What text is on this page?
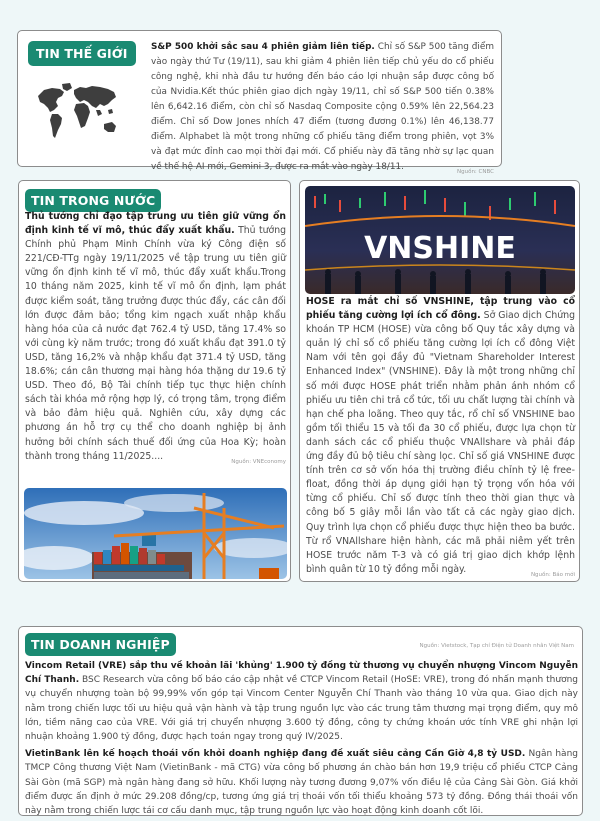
TIN THẾ GIỚI	S&P 500 khởi sắc sau 4 phiên giảm liên tiếp. Chỉ số S&P 500 tăng điểm vào ngày thứ Tư (19/11), sau khi giảm 4 phiên liên tiếp chủ yếu do cổ phiếu công nghệ, khi nhà đầu tư hướng đến báo cáo lợi nhuận sắp được công bố của Nvidia.Kết thúc phiên giao dịch ngày 19/11, chỉ số S&P 500 tiến 0.38% lên 6,642.16 điểm, còn chỉ số Nasdaq Composite cộng 0.59% lên 22,564.23 điểm. Chỉ số Dow Jones nhích 47 điểm (tương đương 0.1%) lên 46,138.77 điểm. Alphabet là một trong những cổ phiếu tăng điểm trong phiên, vọt 3% và đạt mức đỉnh cao mọi thời đại mới. Cổ phiếu này đã tăng nhờ sự lạc quan về thế hệ AI mới, Gemini 3, được ra mắt vào ngày 18/11.	Nguồn: CNBC

TIN TRONG NƯỚC

Thủ tướng chỉ đạo tập trung ưu tiên giữ vững ổn định kinh tế vĩ mô, thúc đẩy xuất khẩu. Thủ tướng Chính phủ Phạm Minh Chính vừa ký Công điện số 221/CĐ-TTg ngày 19/11/2025 về tập trung ưu tiên giữ vững ổn định kinh tế vĩ mô, thúc đẩy xuất khẩu.Trong 10 tháng năm 2025, kinh tế vĩ mô ổn định, lạm phát được kiểm soát, tăng trưởng được thúc đẩy, các cân đối lớn được đảm bảo; tổng kim ngạch xuất nhập khẩu hàng hóa của cả nước đạt 762.4 tỷ USD, tăng 17.4% so với cùng kỳ năm trước; trong đó xuất khẩu đạt 391.0 tỷ USD, tăng 16,2% và nhập khẩu đạt 371.4 tỷ USD, tăng 18.6%; cán cân thương mại hàng hóa thặng dư 19.6 tỷ USD. Theo đó, Bộ Tài chính tiếp tục thực hiện chính sách tài khóa mở rộng hợp lý, có trọng tâm, trọng điểm và bảo đảm hiệu quả. Nghiên cứu, xây dựng các phương án hỗ trợ cụ thể cho doanh nghiệp bị ảnh hưởng bởi chính sách thuế đối ứng của Hoa Kỳ; hoàn thành trong tháng 11/2025....	Nguồn: VNEconomy

VNSHINE

HOSE ra mắt chỉ số VNSHINE, tập trung vào cổ phiếu tăng cường lợi ích cổ đông. Sở Giao dịch Chứng khoán TP HCM (HOSE) vừa công bố Quy tắc xây dựng và quản lý chỉ số cổ phiếu tăng cường lợi ích cổ đông Việt Nam với tên gọi đầy đủ "Vietnam Shareholder Interest Enhanced Index" (VNSHINE). Đây là một trong những chỉ số mới được HOSE phát triển nhằm phản ánh nhóm cổ phiếu ưu tiên chi trả cổ tức, tối ưu chất lượng tài chính và hạn chế pha loãng. Theo quy tắc, rổ chỉ số VNSHINE bao gồm tối thiểu 15 và tối đa 30 cổ phiếu, được lựa chọn từ danh sách các cổ phiếu thuộc VNAllshare và phải đáp ứng đầy đủ bộ tiêu chí sàng lọc. Chỉ số giá VNSHINE được tính trên cơ sở vốn hóa thị trường điều chỉnh tỷ lệ free-float, đồng thời áp dụng giới hạn tỷ trọng vốn hóa với từng cổ phiếu. Chỉ số được tính theo thời gian thực và công bố 5 giây mỗi lần vào tất cả các ngày giao dịch. Quy trình lựa chọn cổ phiếu được thực hiện theo ba bước. Từ rổ VNAllshare hiện hành, các mã phải niêm yết trên HOSE trước năm T-3 và có giá trị giao dịch khớp lệnh bình quân từ 10 tỷ đồng mỗi ngày.	Nguồn: Báo mới

TIN DOANH NGHIỆP	Nguồn: Vietstock, Tạp chí Điện tử Doanh nhân Việt Nam

Vincom Retail (VRE) sắp thu về khoản lãi 'khủng' 1.900 tỷ đồng từ thương vụ chuyển nhượng Vincom Nguyễn Chí Thanh. BSC Research vừa công bố báo cáo cập nhật về CTCP Vincom Retail (HoSE: VRE), trong đó nhấn mạnh thương vụ chuyển nhượng toàn bộ 99,99% vốn góp tại Vincom Center Nguyễn Chí Thanh vào tháng 10 vừa qua. Giao dịch này nằm trong chiến lược tối ưu hiệu quả vận hành và tập trung nguồn lực vào các trung tâm thương mại trọng điểm, quy mô lớn, tiềm năng cao của VRE. Với giá trị chuyển nhượng 3.600 tỷ đồng, công ty chứng khoán ước tính VRE ghi nhận lợi nhuận khoảng 1.900 tỷ đồng, được hạch toán ngay trong quý IV/2025.

VietinBank lên kế hoạch thoái vốn khỏi doanh nghiệp đang đề xuất siêu cảng Cần Giờ 4,8 tỷ USD. Ngân hàng TMCP Công thương Việt Nam (VietinBank - mã CTG) vừa công bố phương án chào bán hơn 19,9 triệu cổ phiếu CTCP Cảng Sài Gòn (mã SGP) mà ngân hàng đang sở hữu. Khối lượng này tương đương 9,07% vốn điều lệ của Cảng Sài Gòn. Giá khởi điểm được ấn định ở mức 29.208 đồng/cp, tương ứng giá trị thoái vốn tối thiểu khoảng 573 tỷ đồng. Đồng thái thoái vốn này nằm trong chiến lược tái cơ cấu danh mục, tập trung nguồn lực vào hoạt động kinh doanh cốt lõi.
